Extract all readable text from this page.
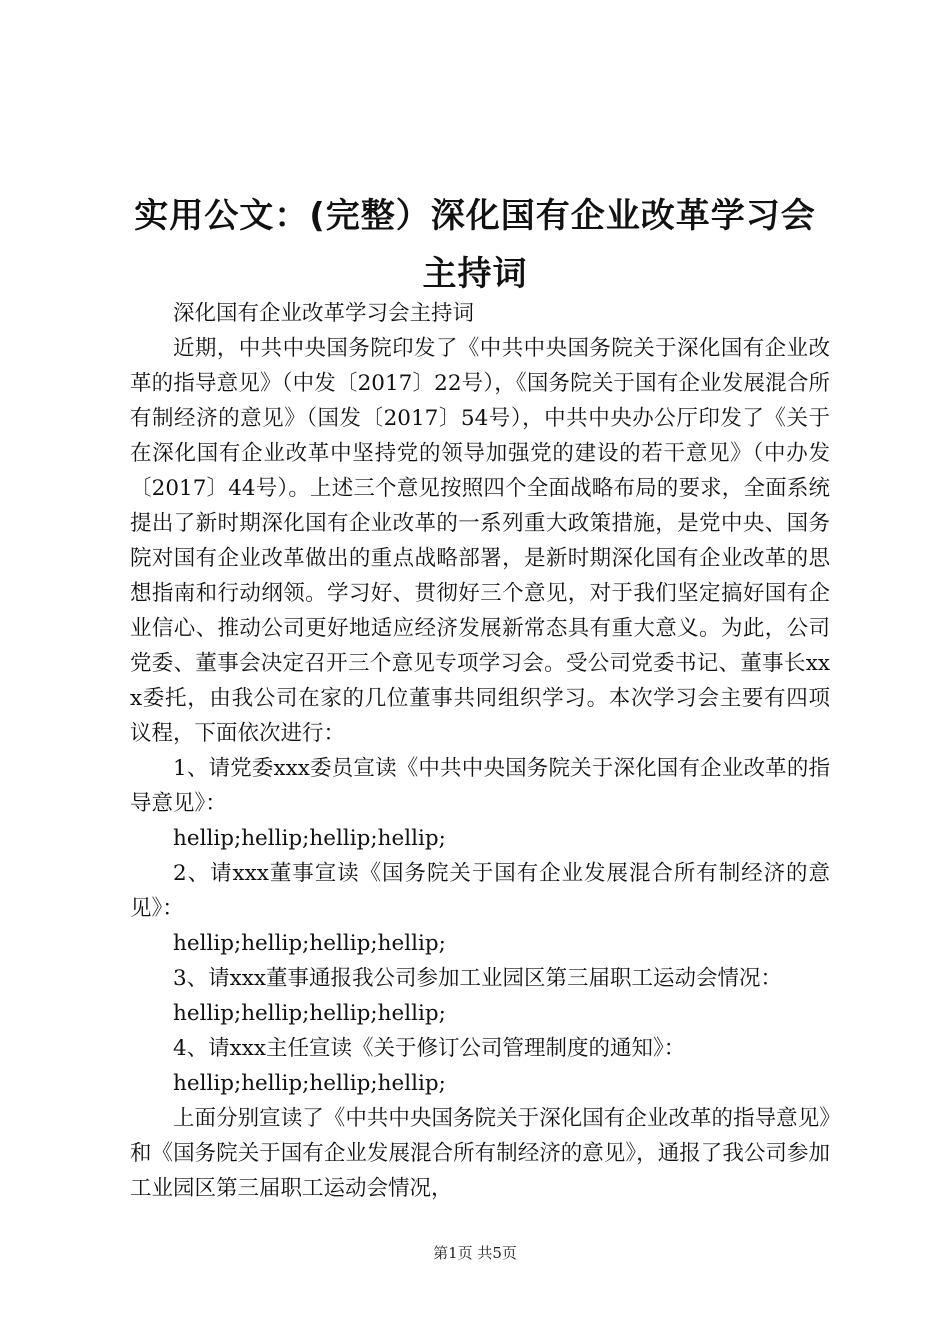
实用公文：(完整）深化国有企业改革学习会
主持词

深化国有企业改革学习会主持词

近期，中共中央国务院印发了《中共中央国务院关于深化国有企业改革的指导意见》（中发〔2017〕22号），《国务院关于国有企业发展混合所有制经济的意见》（国发〔2017〕54号），中共中央办公厅印发了《关于在深化国有企业改革中坚持党的领导加强党的建设的若干意见》（中办发〔2017〕44号）。上述三个意见按照四个全面战略布局的要求，全面系统提出了新时期深化国有企业改革的一系列重大政策措施，是党中央、国务院对国有企业改革做出的重点战略部署，是新时期深化国有企业改革的思想指南和行动纲领。学习好、贯彻好三个意见，对于我们坚定搞好国有企业信心、推动公司更好地适应经济发展新常态具有重大意义。为此，公司党委、董事会决定召开三个意见专项学习会。受公司党委书记、董事长xxx委托，由我公司在家的几位董事共同组织学习。本次学习会主要有四项议程，下面依次进行：

1、请党委xxx委员宣读《中共中央国务院关于深化国有企业改革的指导意见》：

hellip;hellip;hellip;hellip;

2、请xxx董事宣读《国务院关于国有企业发展混合所有制经济的意见》：

hellip;hellip;hellip;hellip;

3、请xxx董事通报我公司参加工业园区第三届职工运动会情况：

hellip;hellip;hellip;hellip;

4、请xxx主任宣读《关于修订公司管理制度的通知》：

hellip;hellip;hellip;hellip;

上面分别宣读了《中共中央国务院关于深化国有企业改革的指导意见》和《国务院关于国有企业发展混合所有制经济的意见》，通报了我公司参加工业园区第三届职工运动会情况，

第1页 共5页
